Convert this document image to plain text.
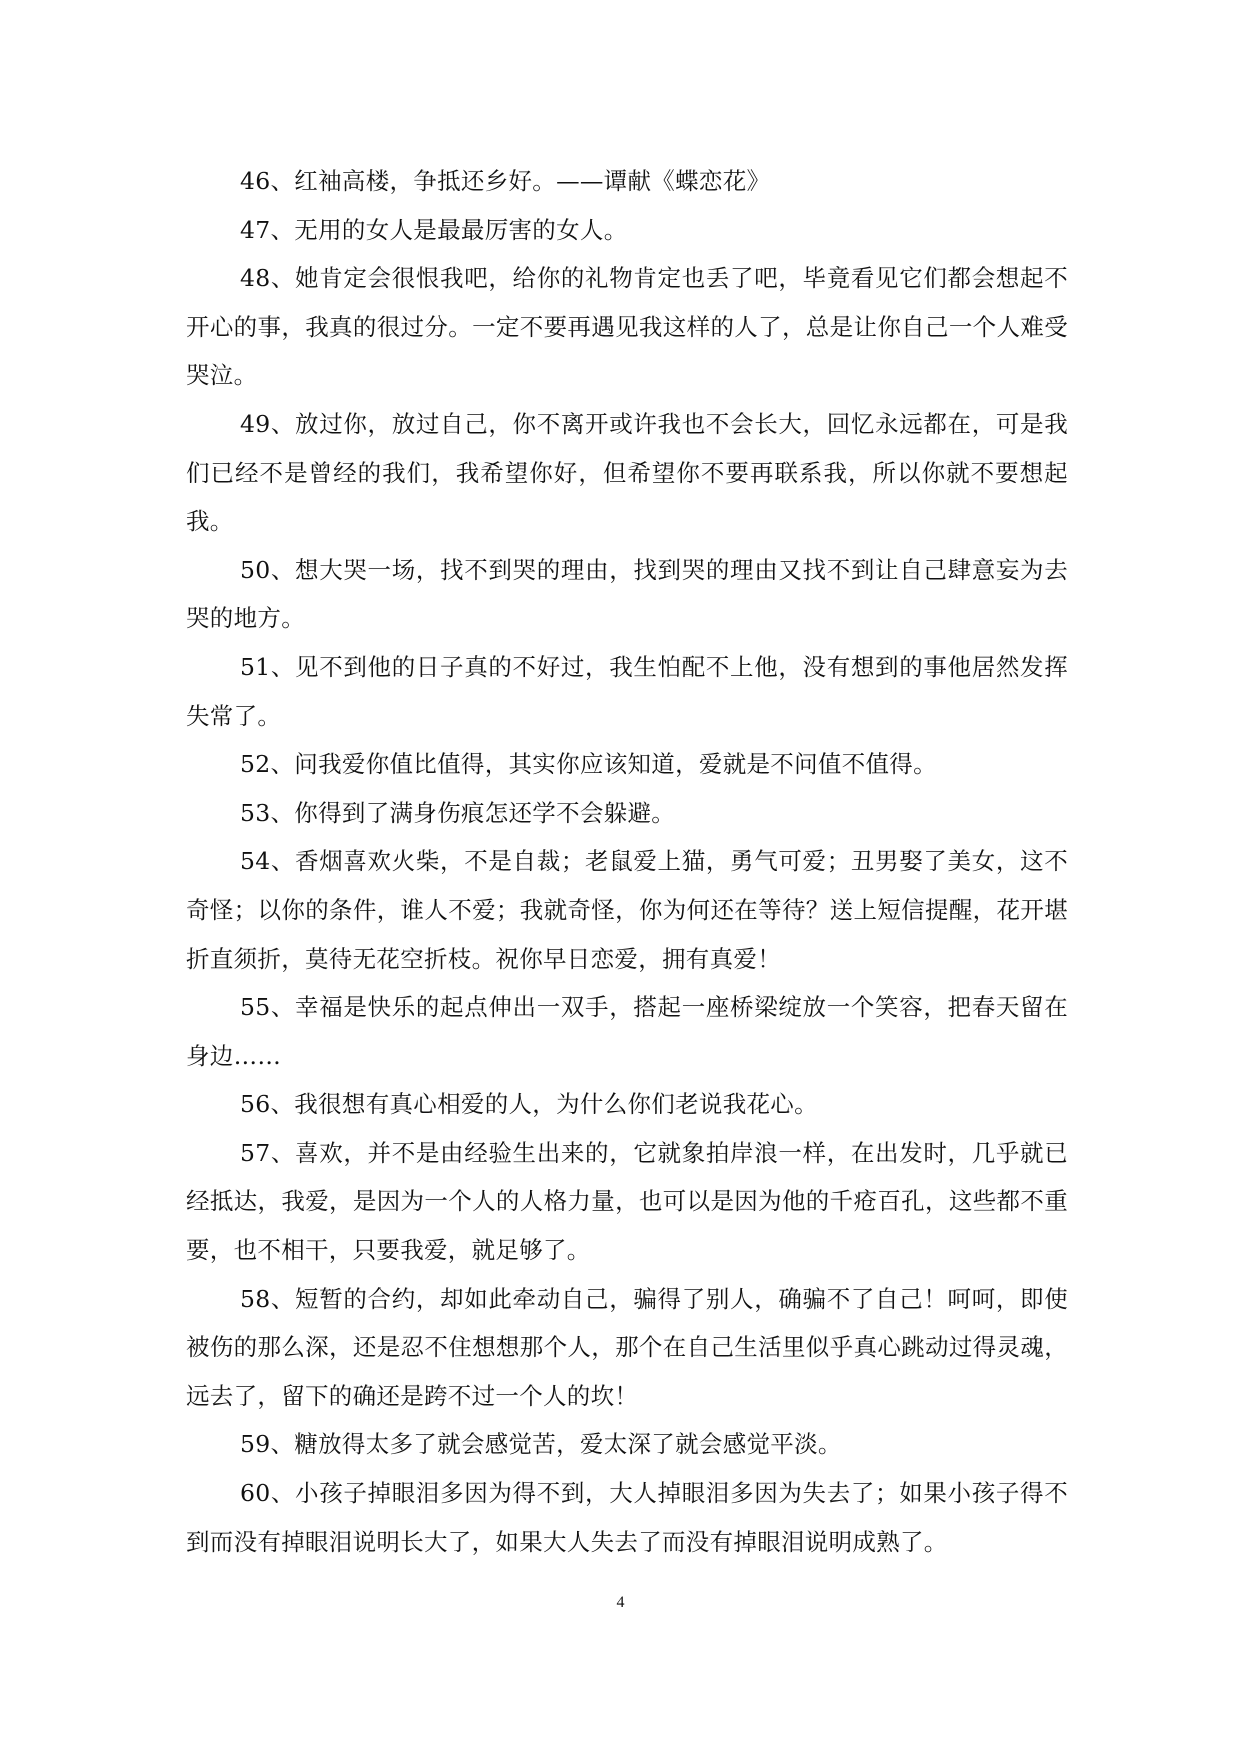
46、红袖高楼，争抵还乡好。——谭献《蝶恋花》

47、无用的女人是最最厉害的女人。

48、她肯定会很恨我吧，给你的礼物肯定也丢了吧，毕竟看见它们都会想起不开心的事，我真的很过分。一定不要再遇见我这样的人了，总是让你自己一个人难受哭泣。

49、放过你，放过自己，你不离开或许我也不会长大，回忆永远都在，可是我们已经不是曾经的我们，我希望你好，但希望你不要再联系我，所以你就不要想起我。

50、想大哭一场，找不到哭的理由，找到哭的理由又找不到让自己肆意妄为去哭的地方。

51、见不到他的日子真的不好过，我生怕配不上他，没有想到的事他居然发挥失常了。

52、问我爱你值比值得，其实你应该知道，爱就是不问值不值得。

53、你得到了满身伤痕怎还学不会躲避。

54、香烟喜欢火柴，不是自裁；老鼠爱上猫，勇气可爱；丑男娶了美女，这不奇怪；以你的条件，谁人不爱；我就奇怪，你为何还在等待？送上短信提醒，花开堪折直须折，莫待无花空折枝。祝你早日恋爱，拥有真爱！

55、幸福是快乐的起点伸出一双手，搭起一座桥梁绽放一个笑容，把春天留在身边……

56、我很想有真心相爱的人，为什么你们老说我花心。

57、喜欢，并不是由经验生出来的，它就象拍岸浪一样，在出发时，几乎就已经抵达，我爱，是因为一个人的人格力量，也可以是因为他的千疮百孔，这些都不重要，也不相干，只要我爱，就足够了。

58、短暂的合约，却如此牵动自己，骗得了别人，确骗不了自己！呵呵，即使被伤的那么深，还是忍不住想想那个人，那个在自己生活里似乎真心跳动过得灵魂，远去了，留下的确还是跨不过一个人的坎！

59、糖放得太多了就会感觉苦，爱太深了就会感觉平淡。

60、小孩子掉眼泪多因为得不到，大人掉眼泪多因为失去了；如果小孩子得不到而没有掉眼泪说明长大了，如果大人失去了而没有掉眼泪说明成熟了。

4
